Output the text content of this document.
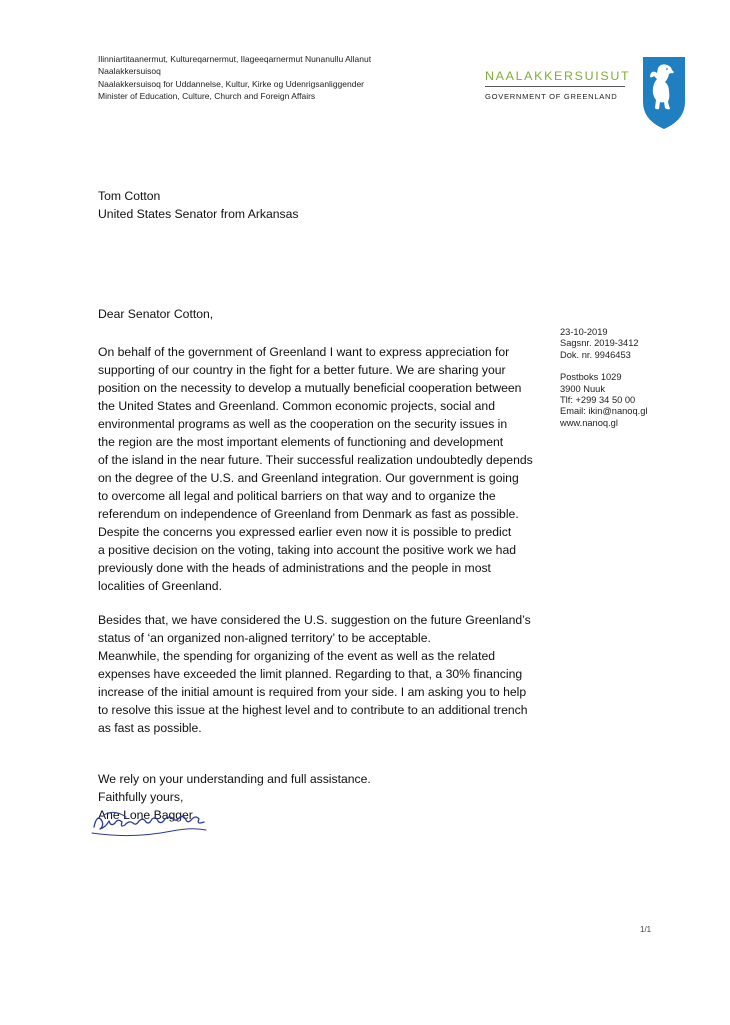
Ilinniartitaanermut, Kultureqarnermut, Ilageeqarnermut Nunanullu Allanut
Naalakkersuisoq
Naalakkersuisoq for Uddannelse, Kultur, Kirke og Udenrigsanliggender
Minister of Education, Culture, Church and Foreign Affairs
NAALAKKERSUISUT
GOVERNMENT OF GREENLAND
Tom Cotton
United States Senator from Arkansas
Dear Senator Cotton,
23-10-2019
Sagsnr. 2019-3412
Dok. nr. 9946453
Postboks 1029
3900 Nuuk
Tlf: +299 34 50 00
Email: ikin@nanoq.gl
www.nanoq.gl

On behalf of the government of Greenland I want to express appreciation for
supporting of our country in the fight for a better future. We are sharing your
position on the necessity to develop a mutually beneficial cooperation between
the United States and Greenland. Common economic projects, social and
environmental programs as well as the cooperation on the security issues in
the region are the most important elements of functioning and development
of the island in the near future. Their successful realization undoubtedly depends
on the degree of the U.S. and Greenland integration. Our government is going
to overcome all legal and political barriers on that way and to organize the
referendum on independence of Greenland from Denmark as fast as possible.
Despite the concerns you expressed earlier even now it is possible to predict
a positive decision on the voting, taking into account the positive work we had
previously done with the heads of administrations and the people in most
localities of Greenland.

Besides that, we have considered the U.S. suggestion on the future Greenland’s
status of ‘an organized non-aligned territory’ to be acceptable.
Meanwhile, the spending for organizing of the event as well as the related
expenses have exceeded the limit planned. Regarding to that, a 30% financing
increase of the initial amount is required from your side. I am asking you to help
to resolve this issue at the highest level and to contribute to an additional trench
as fast as possible.

We rely on your understanding and full assistance.
Faithfully yours,
Ane Lone Bagger
1/1
